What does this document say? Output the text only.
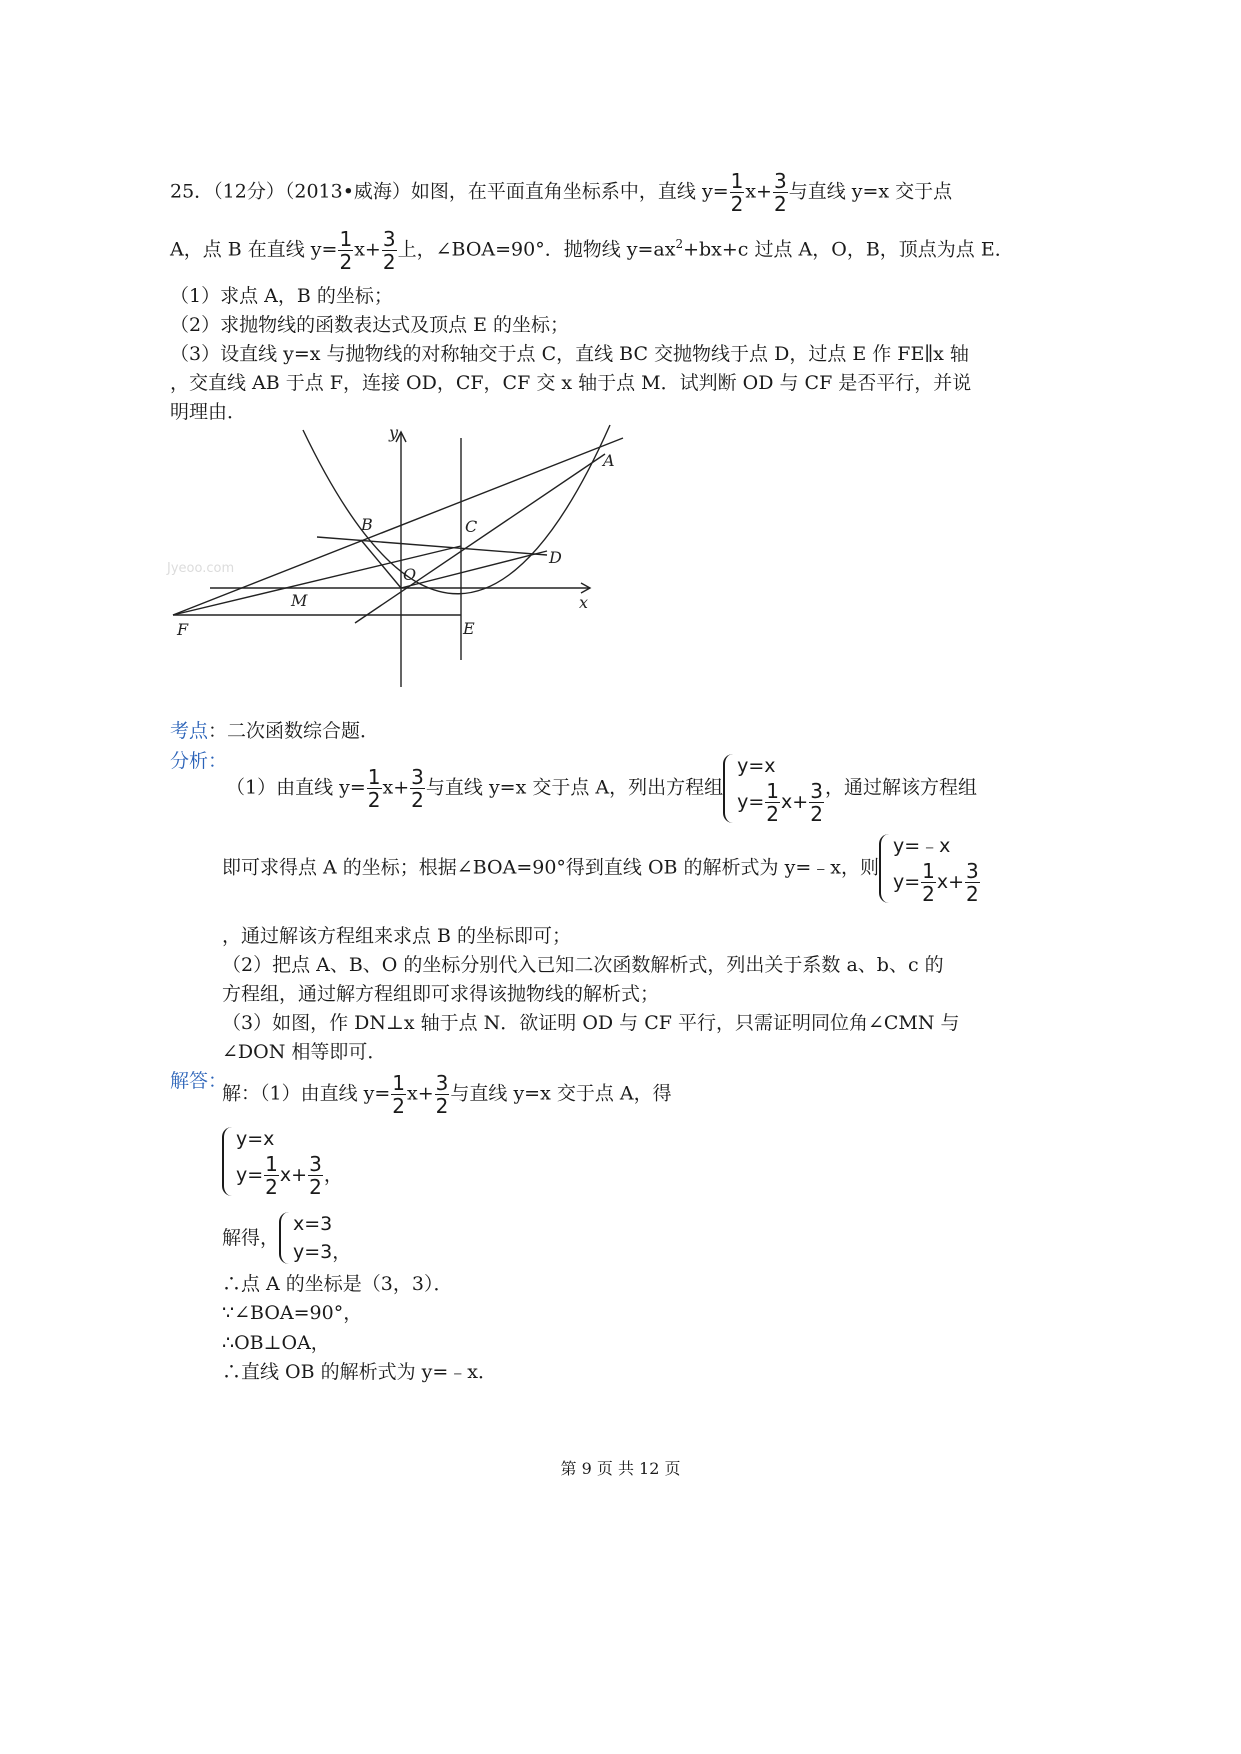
25．（12分）（2013•威海）如图，在平面直角坐标系中，直线 $y= \frac{1}{2} x+ \frac{3}{2}$ 与直线 y=x 交于点
A，点 B 在直线 $y= \frac{1}{2} x+ \frac{3}{2}$ 上，∠BOA=90°．抛物线 $y=ax^2+bx+c$ 过点 A，O，B，顶点为点 E．
（1）求点 A，B 的坐标；
（2）求抛物线的函数表达式及顶点 E 的坐标；
（3）设直线 y=x 与抛物线的对称轴交于点 C，直线 BC 交抛物线于点 D，过点 E 作 FE∥x 轴
，交直线 AB 于点 F，连接 OD，CF，CF 交 x 轴于点 M．试判断 OD 与 CF 是否平行，并说
明理由．
y
x
A
B	C
D
O
M
F	E
Jyeoo.com
考点：二次函数综合题．
分析：
（1）由直线 $y= \frac{1}{2} x+ \frac{3}{2}$ 与直线 y=x 交于点 A，列出方程组
y=x
$y= \frac{1}{2} x+ \frac{3}{2}$ ，通过解该方程组
即可求得点 A 的坐标；根据∠BOA=90°得到直线 OB 的解析式为 y=﹣x，则
y=﹣x
$y= \frac{1}{2} x+ \frac{3}{2}$
，通过解该方程组来求点 B 的坐标即可；
（2）把点 A、B、O 的坐标分别代入已知二次函数解析式，列出关于系数 a、b、c 的
方程组，通过解方程组即可求得该抛物线的解析式；
（3）如图，作 DN⊥x 轴于点 N．欲证明 OD 与 CF 平行，只需证明同位角∠CMN 与
∠DON 相等即可．
解答：
解：（1）由直线 $y= \frac{1}{2} x+ \frac{3}{2}$ 与直线 y=x 交于点 A，得
y=x
$y= \frac{1}{2} x+ \frac{3}{2}$ ，
解得，
x=3
y=3，
∴点 A 的坐标是（3，3）．
∵∠BOA=90°，
∴OB⊥OA，
∴直线 OB 的解析式为 y=﹣x．
第 9 页 共 12 页
